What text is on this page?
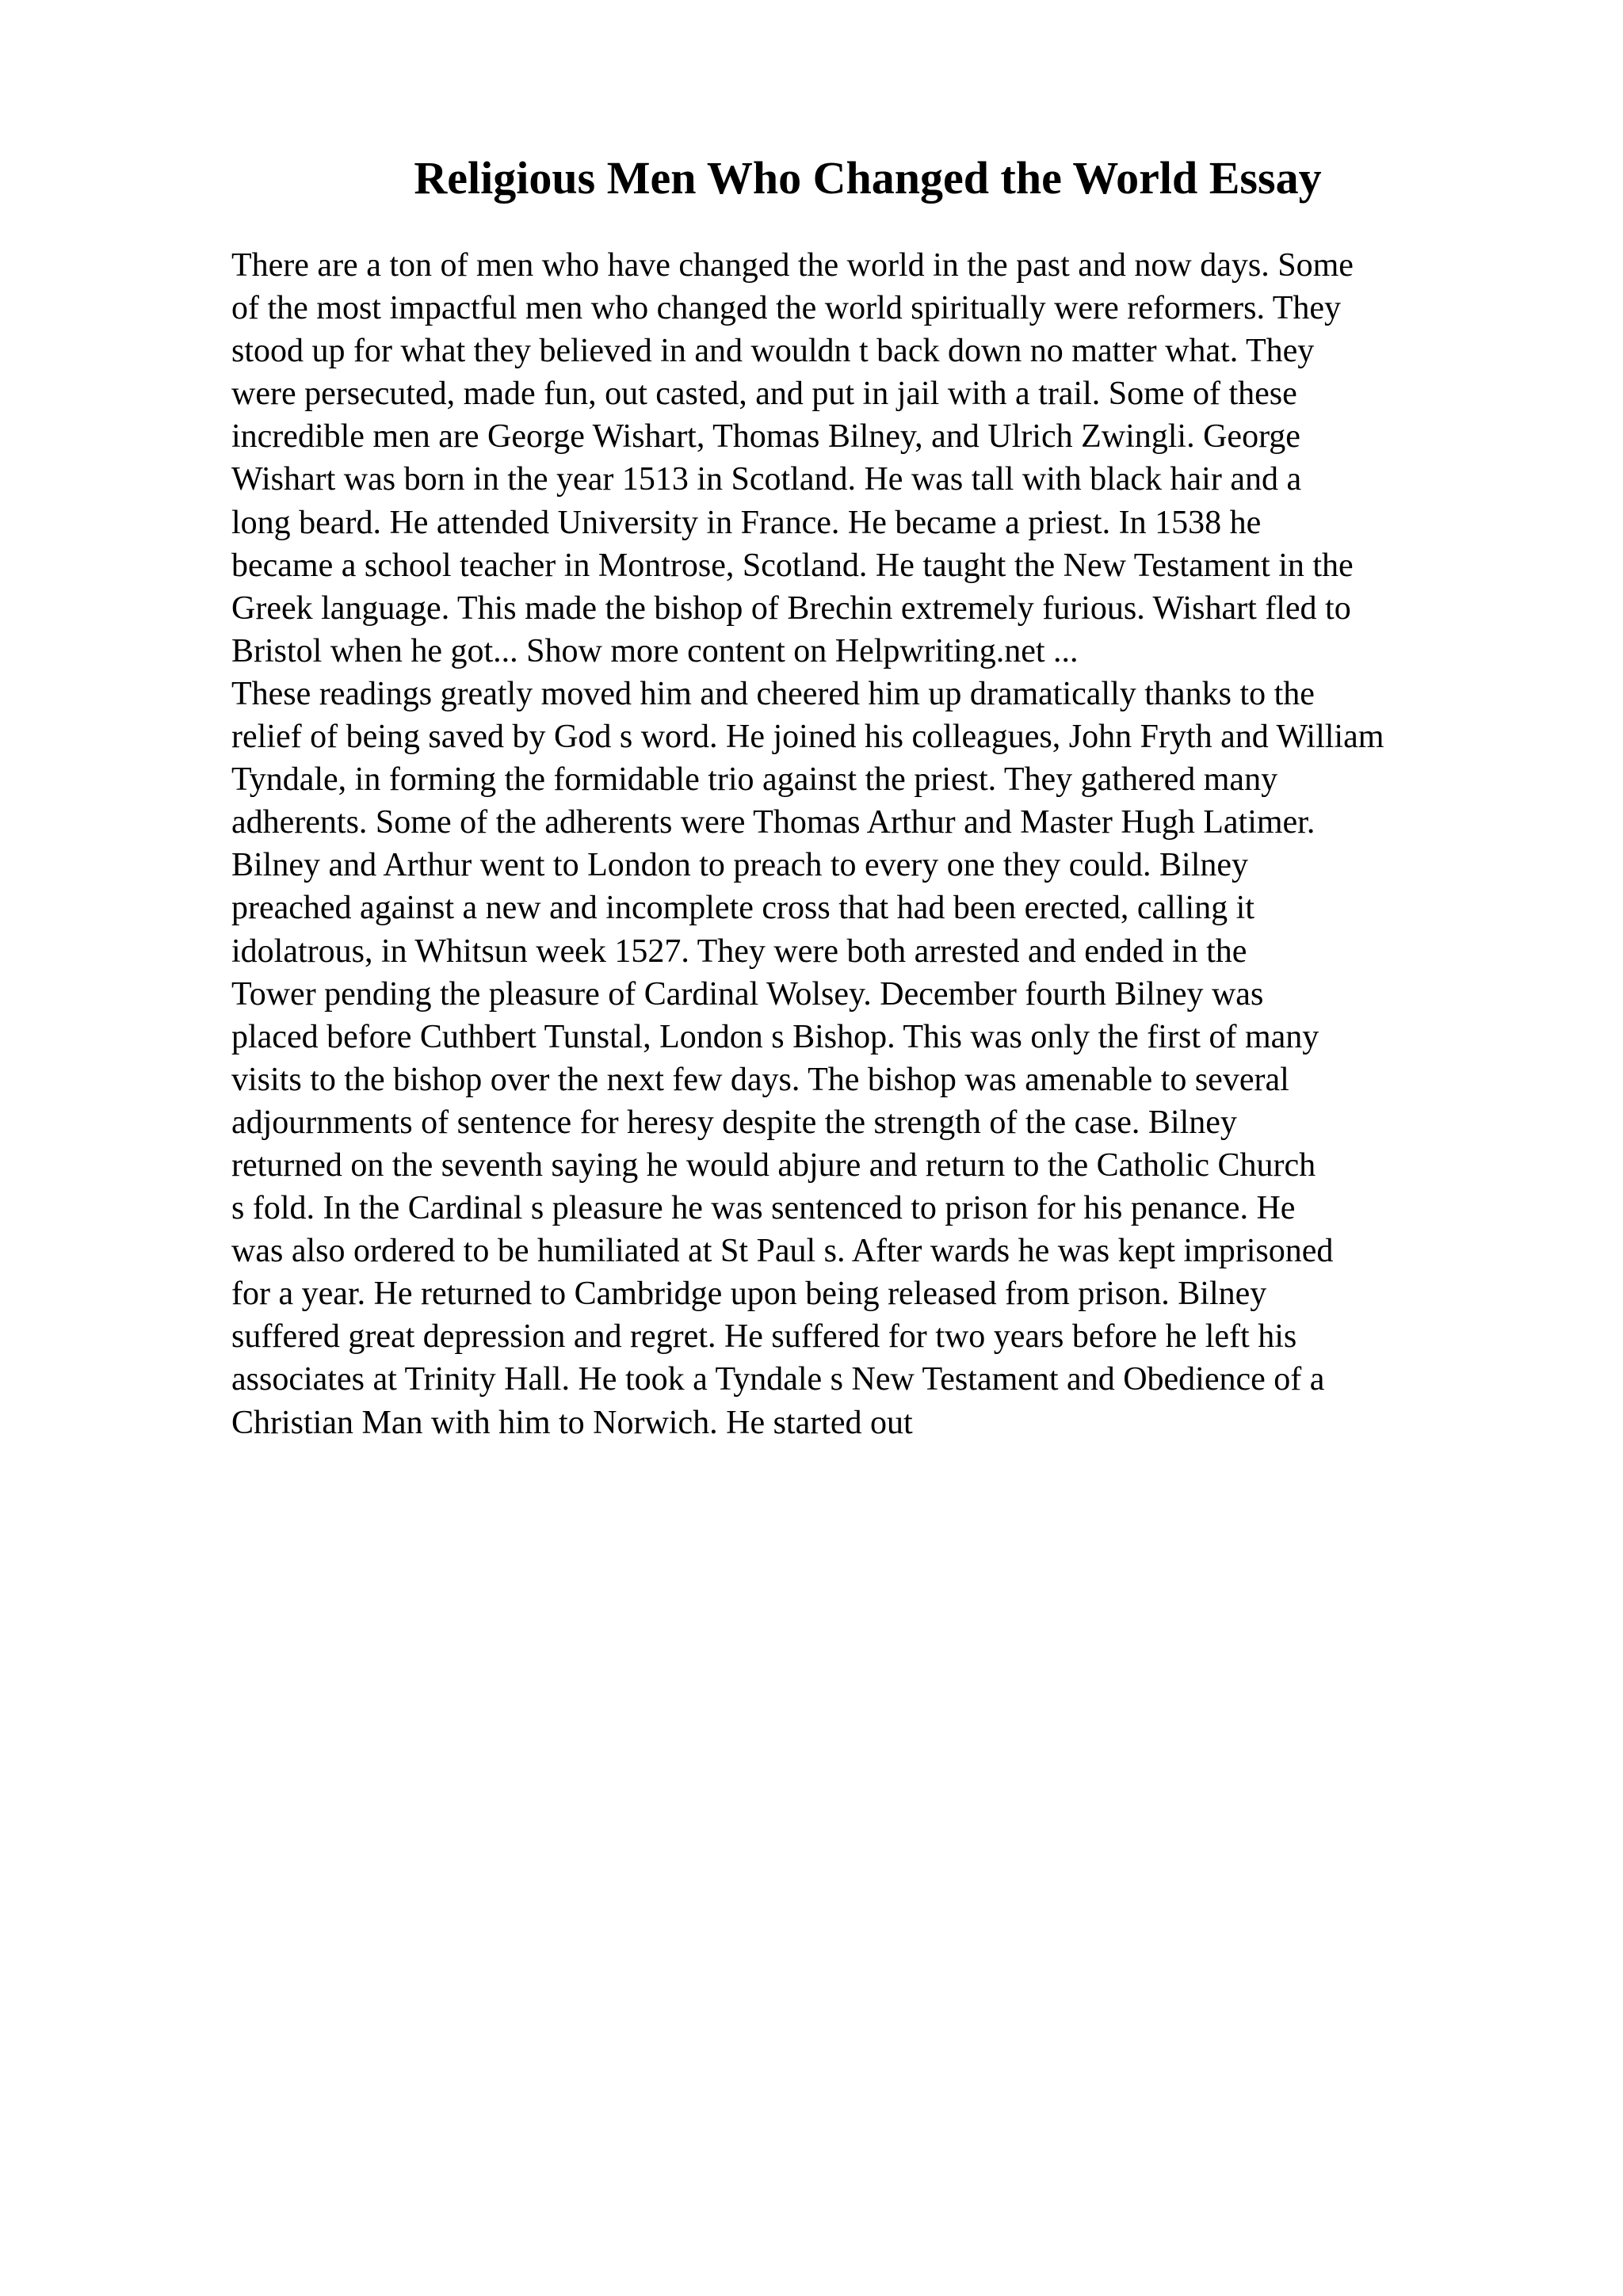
Religious Men Who Changed the World Essay
There are a ton of men who have changed the world in the past and now days. Some
of the most impactful men who changed the world spiritually were reformers. They
stood up for what they believed in and wouldn t back down no matter what. They
were persecuted, made fun, out casted, and put in jail with a trail. Some of these
incredible men are George Wishart, Thomas Bilney, and Ulrich Zwingli. George
Wishart was born in the year 1513 in Scotland. He was tall with black hair and a
long beard. He attended University in France. He became a priest. In 1538 he
became a school teacher in Montrose, Scotland. He taught the New Testament in the
Greek language. This made the bishop of Brechin extremely furious. Wishart fled to
Bristol when he got... Show more content on Helpwriting.net ...
These readings greatly moved him and cheered him up dramatically thanks to the
relief of being saved by God s word. He joined his colleagues, John Fryth and William
Tyndale, in forming the formidable trio against the priest. They gathered many
adherents. Some of the adherents were Thomas Arthur and Master Hugh Latimer.
Bilney and Arthur went to London to preach to every one they could. Bilney
preached against a new and incomplete cross that had been erected, calling it
idolatrous, in Whitsun week 1527. They were both arrested and ended in the
Tower pending the pleasure of Cardinal Wolsey. December fourth Bilney was
placed before Cuthbert Tunstal, London s Bishop. This was only the first of many
visits to the bishop over the next few days. The bishop was amenable to several
adjournments of sentence for heresy despite the strength of the case. Bilney
returned on the seventh saying he would abjure and return to the Catholic Church
s fold. In the Cardinal s pleasure he was sentenced to prison for his penance. He
was also ordered to be humiliated at St Paul s. After wards he was kept imprisoned
for a year. He returned to Cambridge upon being released from prison. Bilney
suffered great depression and regret. He suffered for two years before he left his
associates at Trinity Hall. He took a Tyndale s New Testament and Obedience of a
Christian Man with him to Norwich. He started out
